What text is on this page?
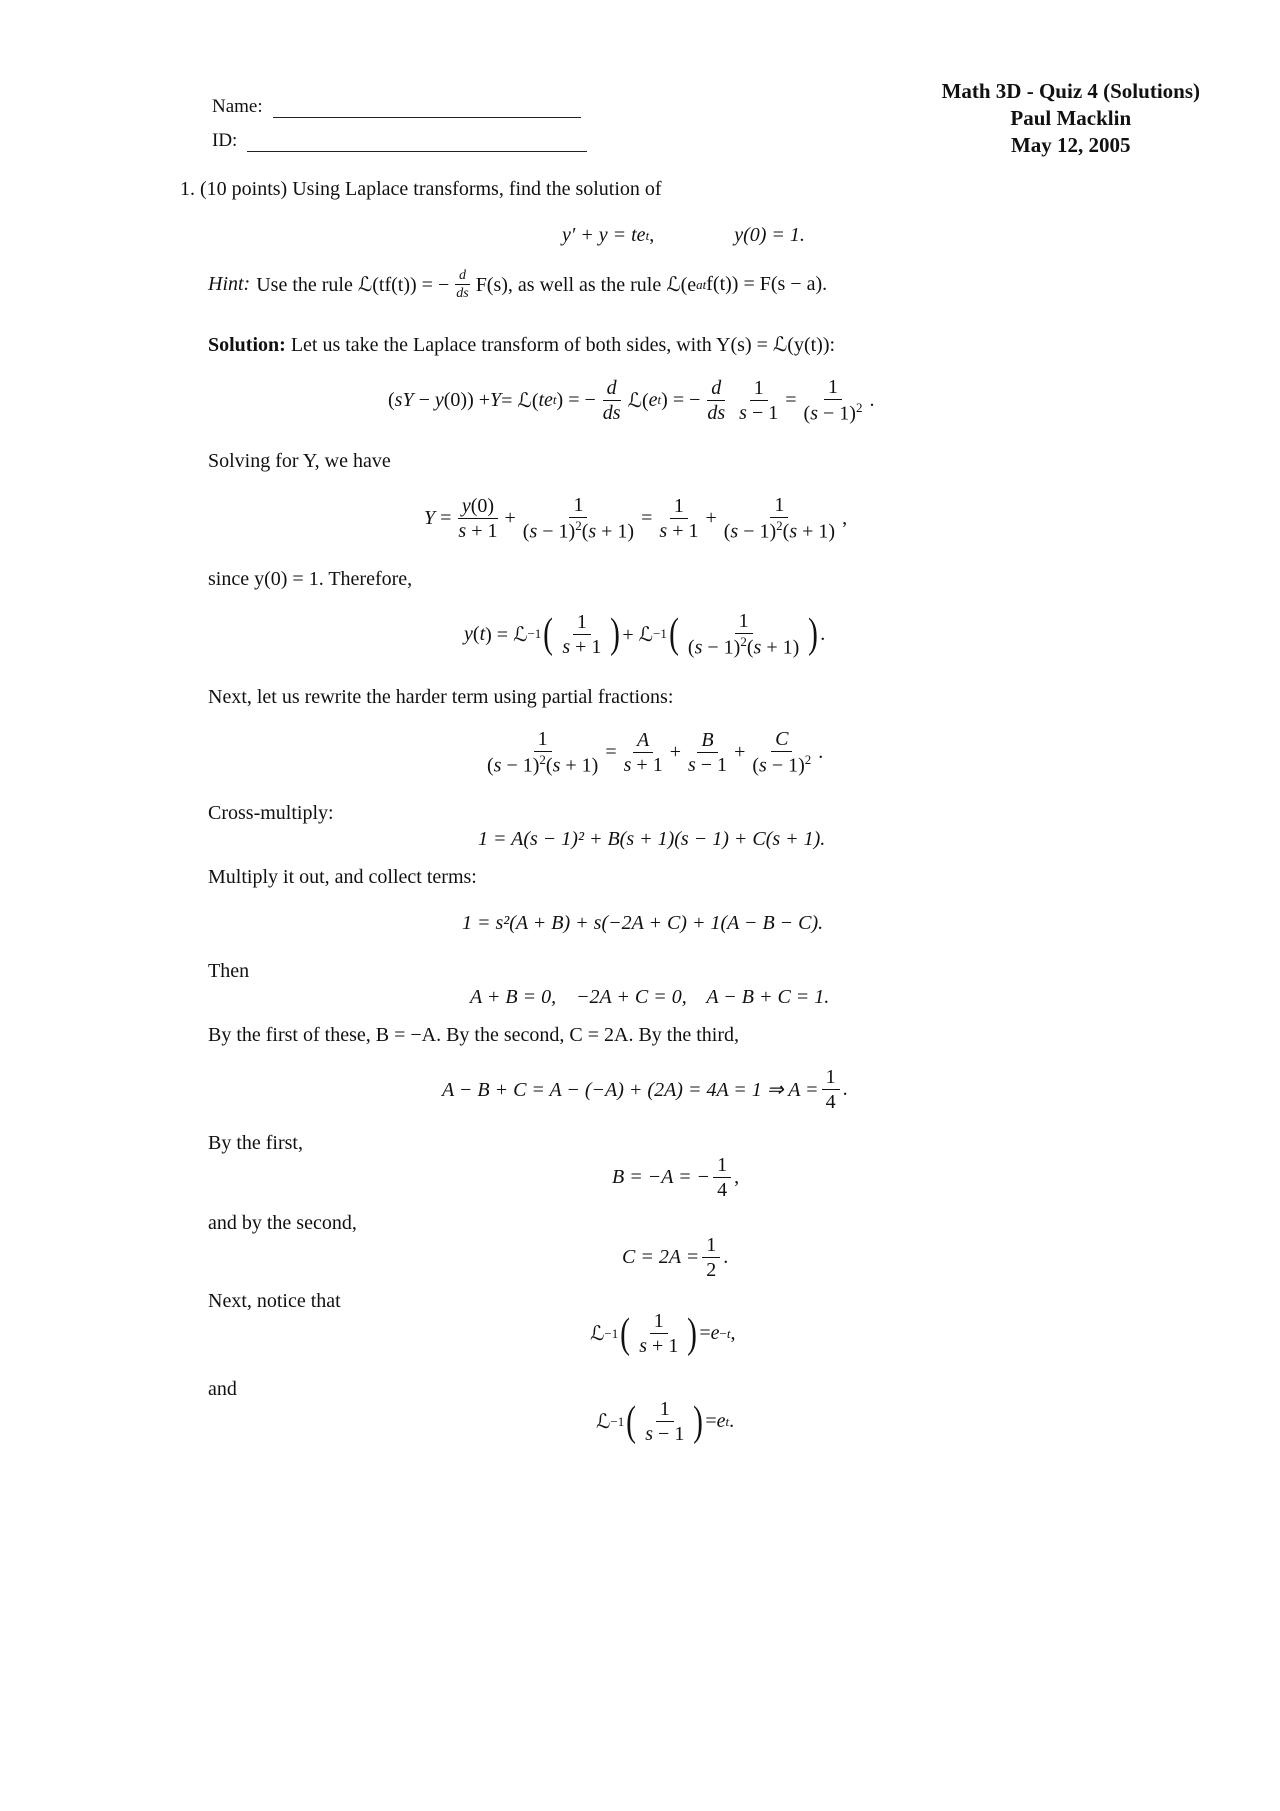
Name:
ID:
Math 3D - Quiz 4 (Solutions)
Paul Macklin
May 12, 2005
1. (10 points) Using Laplace transforms, find the solution of
y′ + y = te t ,	y(0) = 1.
Hint: Use the rule ℒ(tf(t)) = − $\frac{d}{ds} F(s)$, as well as the rule ℒ(e at f(t)) = F(s − a).
Solution: Let us take the Laplace transform of both sides, with Y(s) = ℒ(y(t)):
( sY − y (0)) + Y = ℒ( te t ) = − $\frac{d}{ds}$ ℒ( e t ) = − $\frac{d}{ds} \frac{1}{s - 1} = \frac{1}{(s - 1)^2}$ .
Solving for Y, we have
$Y = \frac{y(0)}{s + 1} + \frac{1}{(s - 1)^2(s + 1)} = \frac{1}{s + 1} + \frac{1}{(s - 1)^2(s + 1)}$ ,
since y(0) = 1. Therefore,
y ( t ) = ℒ −1 ( $\frac{1}{s + 1}$ ) + ℒ −1 ( $\frac{1}{(s - 1)^2(s + 1)}$ ) .
Next, let us rewrite the harder term using partial fractions:
$\frac{1}{(s - 1)^2(s + 1)} = \frac{A}{s + 1} + \frac{B}{s - 1} + \frac{C}{(s - 1)^2}$ .
Cross-multiply:
1 = A(s − 1)² + B(s + 1)(s − 1) + C(s + 1).
Multiply it out, and collect terms:
1 = s²(A + B) + s(−2A + C) + 1(A − B − C).
Then
A + B = 0,    −2A + C = 0,    A − B + C = 1.
By the first of these, B = −A. By the second, C = 2A. By the third,
A − B + C = A − (−A) + (2A) = 4A = 1 ⇒ $A = \frac{1}{4}$ .
By the first,
B = −A = − $\frac{1}{4}$ ,
and by the second,
$C = 2A = \frac{1}{2}$ .
Next, notice that
ℒ −1 ( $\frac{1}{s + 1}$ ) = e −t ,
and
ℒ −1 ( $\frac{1}{s - 1}$ ) = e t .
